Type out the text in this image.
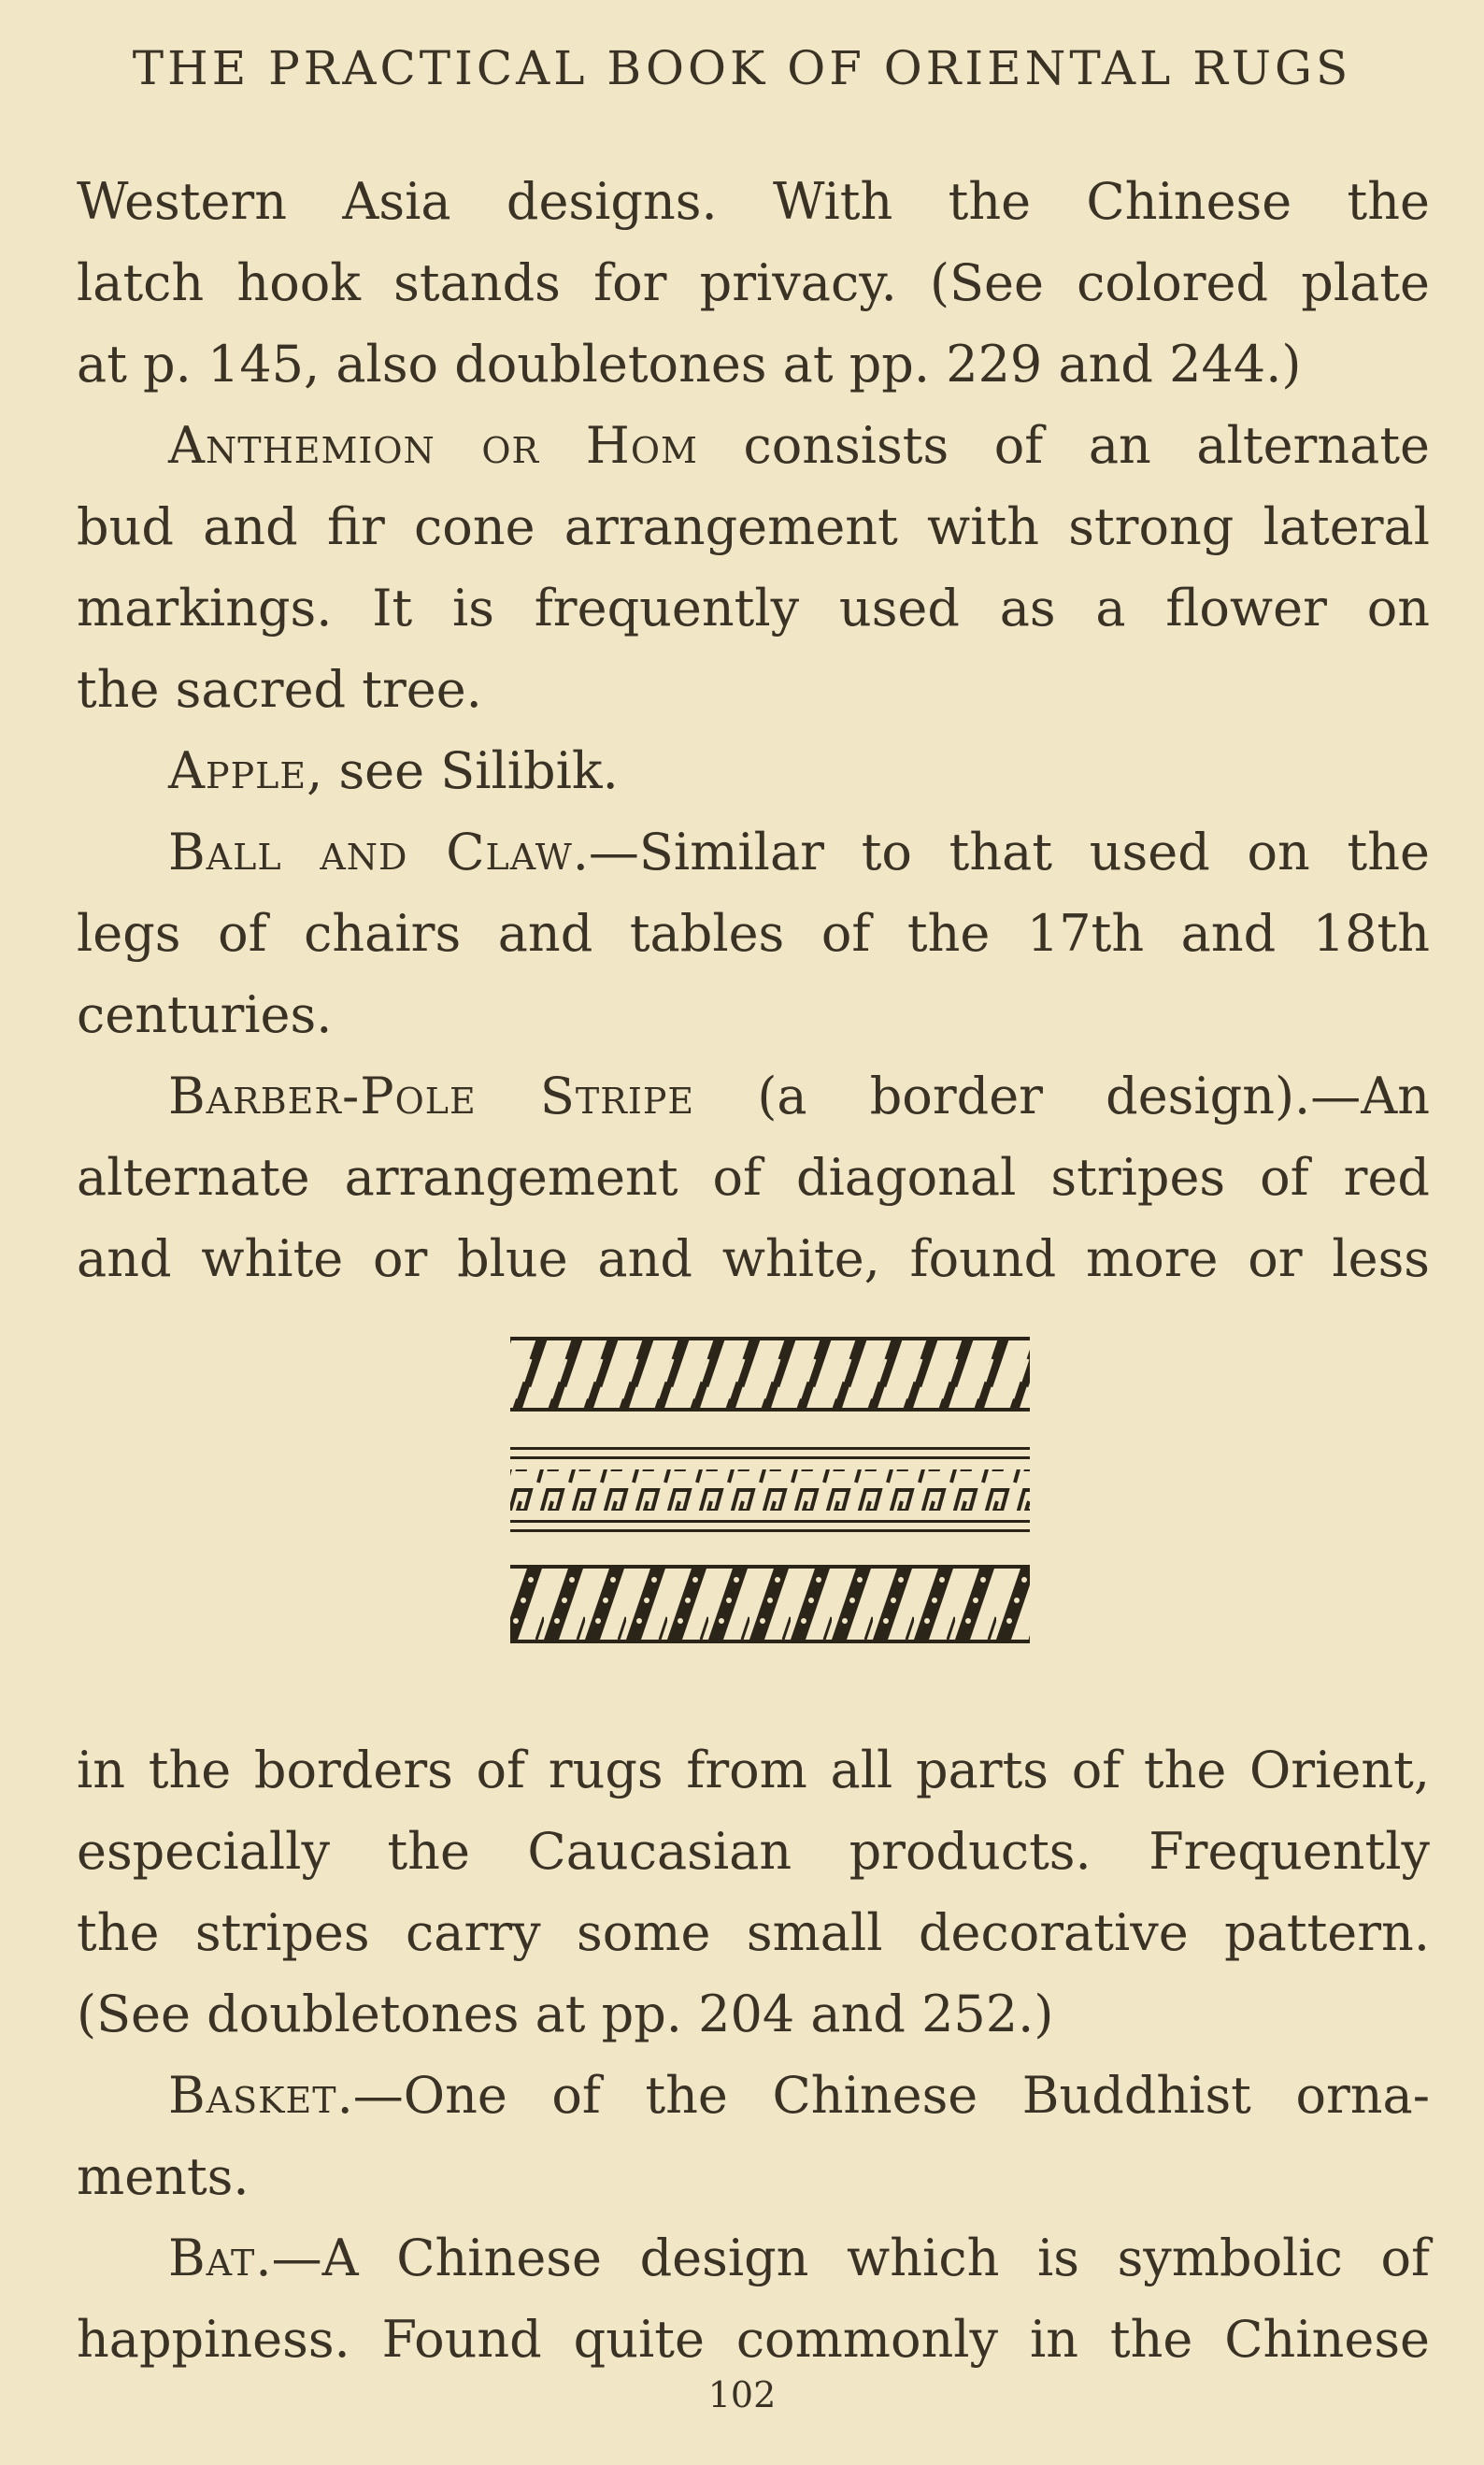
THE PRACTICAL BOOK OF ORIENTAL RUGS
Western Asia designs. With the Chinese the
latch hook stands for privacy. (See colored plate
at p. 145, also doubletones at pp. 229 and 244.)
Anthemion or Hom consists of an alternate
bud and fir cone arrangement with strong lateral
markings. It is frequently used as a flower on
the sacred tree.
Apple, see Silibik.
Ball and Claw.—Similar to that used on the
legs of chairs and tables of the 17th and 18th
centuries.
Barber-Pole Stripe (a border design).—An
alternate arrangement of diagonal stripes of red
and white or blue and white, found more or less
in the borders of rugs from all parts of the Orient,
especially the Caucasian products. Frequently
the stripes carry some small decorative pattern.
(See doubletones at pp. 204 and 252.)
Basket.—One of the Chinese Buddhist orna-
ments.
Bat.—A Chinese design which is symbolic of
happiness. Found quite commonly in the Chinese
102
